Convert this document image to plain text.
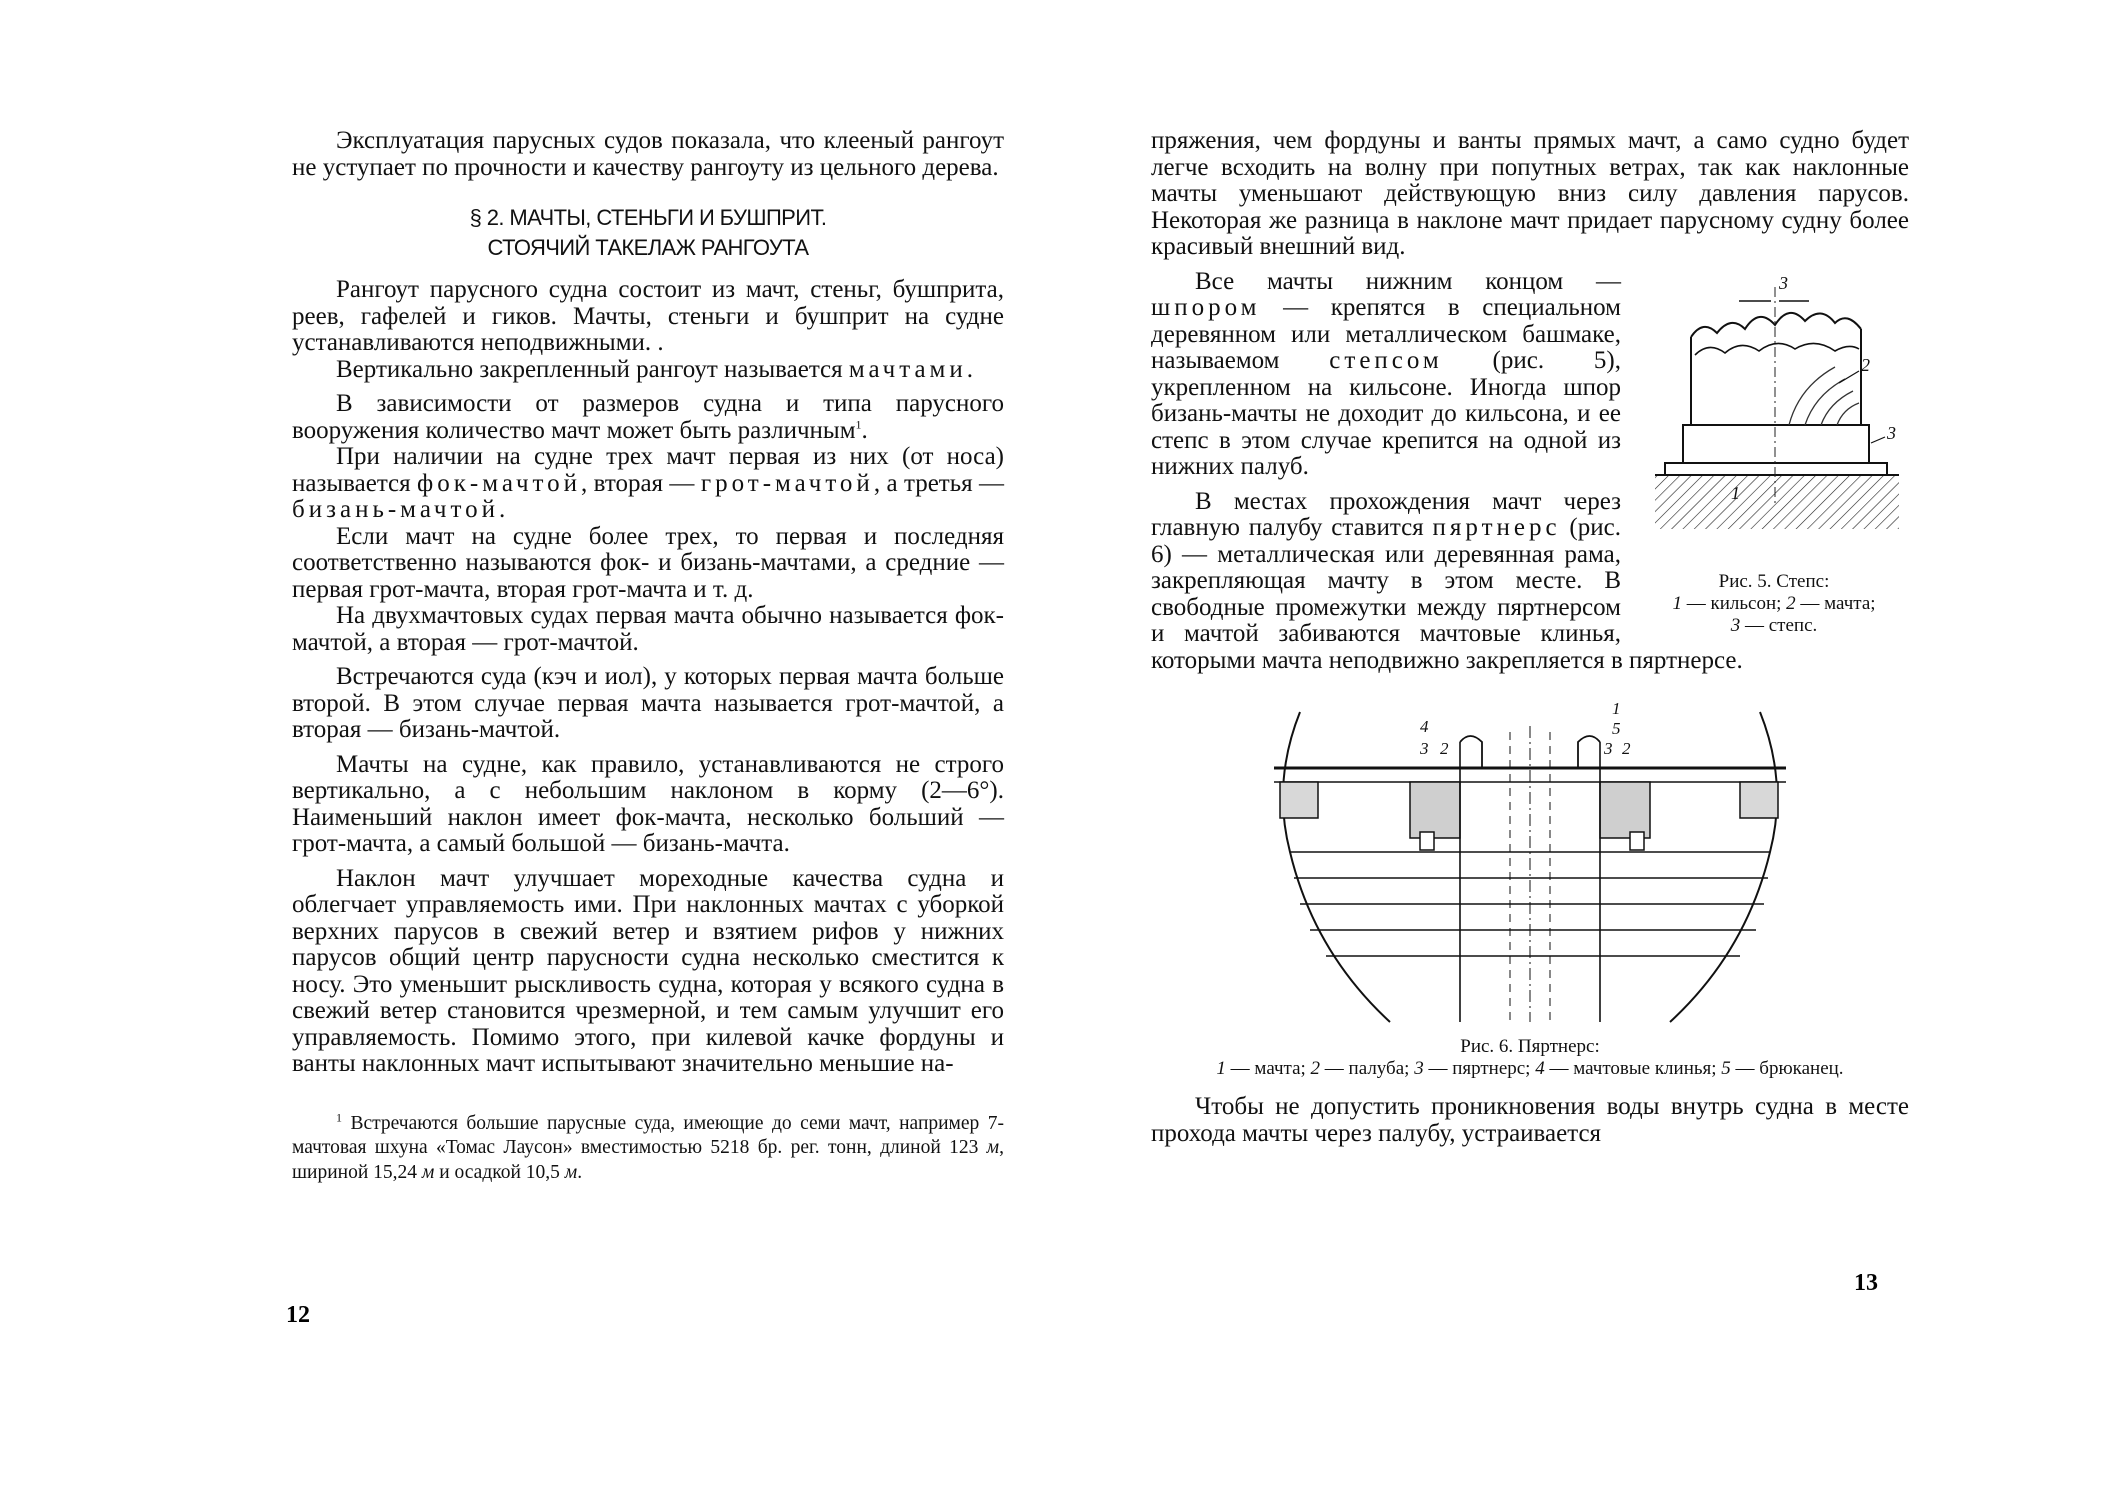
Эксплуатация парусных судов показала, что клееный рангоут не уступает по прочности и качеству рангоуту из цельного дерева.

§ 2. МАЧТЫ, СТЕНЬГИ И БУШПРИТ.
СТОЯЧИЙ ТАКЕЛАЖ РАНГОУТА

Рангоут парусного судна состоит из мачт, стеньг, бушприта, реев, гафелей и гиков. Мачты, стеньги и бушприт на судне устанавливаются неподвижными. .

Вертикально закрепленный рангоут называется мачтами.

В зависимости от размеров судна и типа парусного вооружения количество мачт может быть различным$^1$.

При наличии на судне трех мачт первая из них (от носа) называется фок-мачтой, вторая — грот-мачтой, а третья — бизань-мачтой.

Если мачт на судне более трех, то первая и последняя соответственно называются фок- и бизань-мачтами, а средние — первая грот-мачта, вторая грот-мачта и т. д.

На двухмачтовых судах первая мачта обычно называется фок-мачтой, а вторая — грот-мачтой.

Встречаются суда (кэч и иол), у которых первая мачта больше второй. В этом случае первая мачта называется грот-мачтой, а вторая — бизань-мачтой.

Мачты на судне, как правило, устанавливаются не строго вертикально, а с небольшим наклоном в корму (2—6°). Наименьший наклон имеет фок-мачта, несколько больший — грот-мачта, а самый большой — бизань-мачта.

Наклон мачт улучшает мореходные качества судна и облегчает управляемость ими. При наклонных мачтах с уборкой верхних парусов в свежий ветер и взятием рифов у нижних парусов общий центр парусности судна несколько сместится к носу. Это уменьшит рыскливость судна, которая у всякого судна в свежий ветер становится чрезмерной, и тем самым улучшит его управляемость. Помимо этого, при килевой качке фордуны и ванты наклонных мачт испытывают значительно меньшие на-

$^1$ Встречаются большие парусные суда, имеющие до семи мачт, например 7-мачтовая шхуна «Томас Лаусон» вместимостью 5218 бр. рег. тонн, длиной 123 м, шириной 15,24 м и осадкой 10,5 м.

12

пряжения, чем фордуны и ванты прямых мачт, а само судно будет легче всходить на волну при попутных ветрах, так как наклонные мачты уменьшают действующую вниз силу давления парусов. Некоторая же разница в наклоне мачт придает парусному судну более красивый внешний вид.

3
2
3
1
Рис. 5. Степс:
1 — кильсон; 2 — мачта;
3 — степс.

Все мачты нижним концом — шпором — крепятся в специальном деревянном или металлическом башмаке, называемом степсом (рис. 5), укрепленном на кильсоне. Иногда шпор бизань-мачты не доходит до кильсона, и ее степс в этом случае крепится на одной из нижних палуб.

В местах прохождения мачт через главную палубу ставится пяртнерс (рис. 6) — металлическая или деревянная рама, закрепляющая мачту в этом месте. В свободные промежутки между пяртнерсом и мачтой забиваются мачтовые клинья, которыми мачта неподвижно закрепляется в пяртнерсе.

4
3 2
1
5
3 2
Рис. 6. Пяртнерс:
1 — мачта; 2 — палуба; 3 — пяртнерс; 4 — мачтовые клинья; 5 — брюканец.

Чтобы не допустить проникновения воды внутрь судна в месте прохода мачты через палубу, устраивается

13
